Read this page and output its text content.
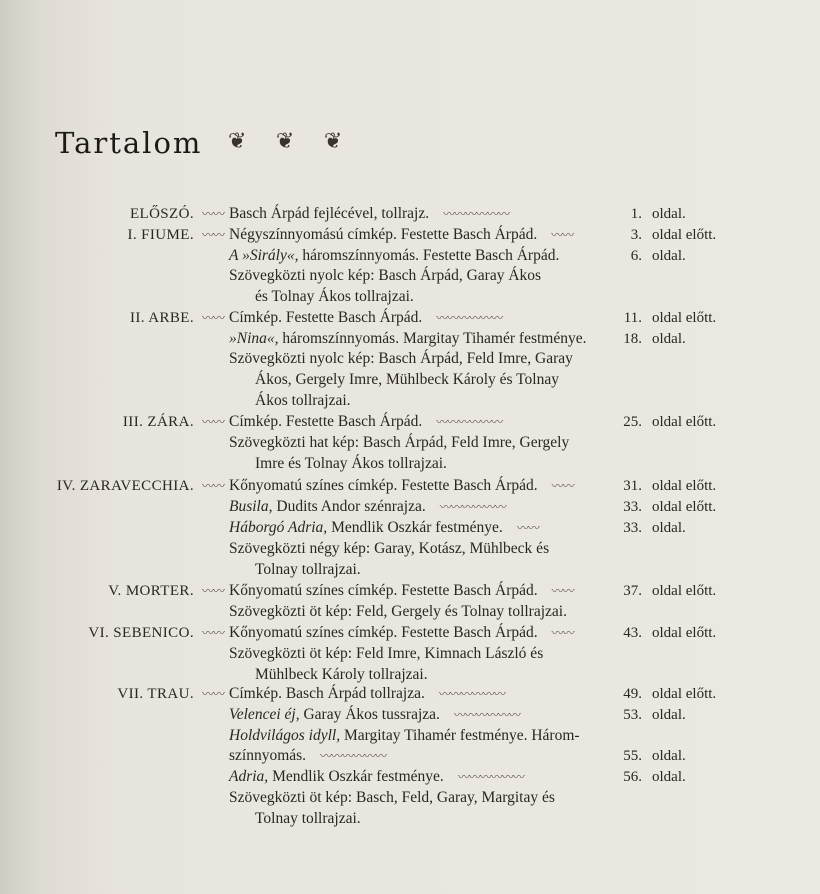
Tartalom ❦ ❦ ❦
ELŐSZÓ. 〰〰 Basch Árpád fejlécével, tollrajz. 〰〰〰〰〰〰	1. oldal.
I. FIUME. 〰〰 Négyszínnyomású címkép. Festette Basch Árpád. 〰〰	3. oldal előtt.
A »Sirály«, háromszínnyomás. Festette Basch Árpád.	6. oldal.
Szövegközti nyolc kép: Basch Árpád, Garay Ákos
és Tolnay Ákos tollrajzai.
II. ARBE. 〰〰 Címkép. Festette Basch Árpád. 〰〰〰〰〰〰	11. oldal előtt.
»Nina«, háromszínnyomás. Margitay Tihamér festménye. 18. oldal.
Szövegközti nyolc kép: Basch Árpád, Feld Imre, Garay
Ákos, Gergely Imre, Mühlbeck Károly és Tolnay
Ákos tollrajzai.
III. ZÁRA. 〰〰 Címkép. Festette Basch Árpád. 〰〰〰〰〰〰	25. oldal előtt.
Szövegközti hat kép: Basch Árpád, Feld Imre, Gergely
Imre és Tolnay Ákos tollrajzai.
IV. ZARAVECCHIA. 〰〰 Kőnyomatú színes címkép. Festette Basch Árpád. 〰〰	31. oldal előtt.
Busila, Dudits Andor szénrajza. 〰〰〰〰〰〰	33. oldal előtt.
Háborgó Adria, Mendlik Oszkár festménye. 〰〰	33. oldal.
Szövegközti négy kép: Garay, Kotász, Mühlbeck és
Tolnay tollrajzai.
V. MORTER. 〰〰 Kőnyomatú színes címkép. Festette Basch Árpád. 〰〰	37. oldal előtt.
Szövegközti öt kép: Feld, Gergely és Tolnay tollrajzai.
VI. SEBENICO. 〰〰 Kőnyomatú színes címkép. Festette Basch Árpád. 〰〰	43. oldal előtt.
Szövegközti öt kép: Feld Imre, Kimnach László és
Mühlbeck Károly tollrajzai.
VII. TRAU. 〰〰 Címkép. Basch Árpád tollrajza. 〰〰〰〰〰〰	49. oldal előtt.
Velencei éj, Garay Ákos tussrajza. 〰〰〰〰〰〰	53. oldal.
Holdvilágos idyll, Margitay Tihamér festménye. Három-
színnyomás. 〰〰〰〰〰〰	55. oldal.
Adria, Mendlik Oszkár festménye. 〰〰〰〰〰〰	56. oldal.
Szövegközti öt kép: Basch, Feld, Garay, Margitay és
Tolnay tollrajzai.
